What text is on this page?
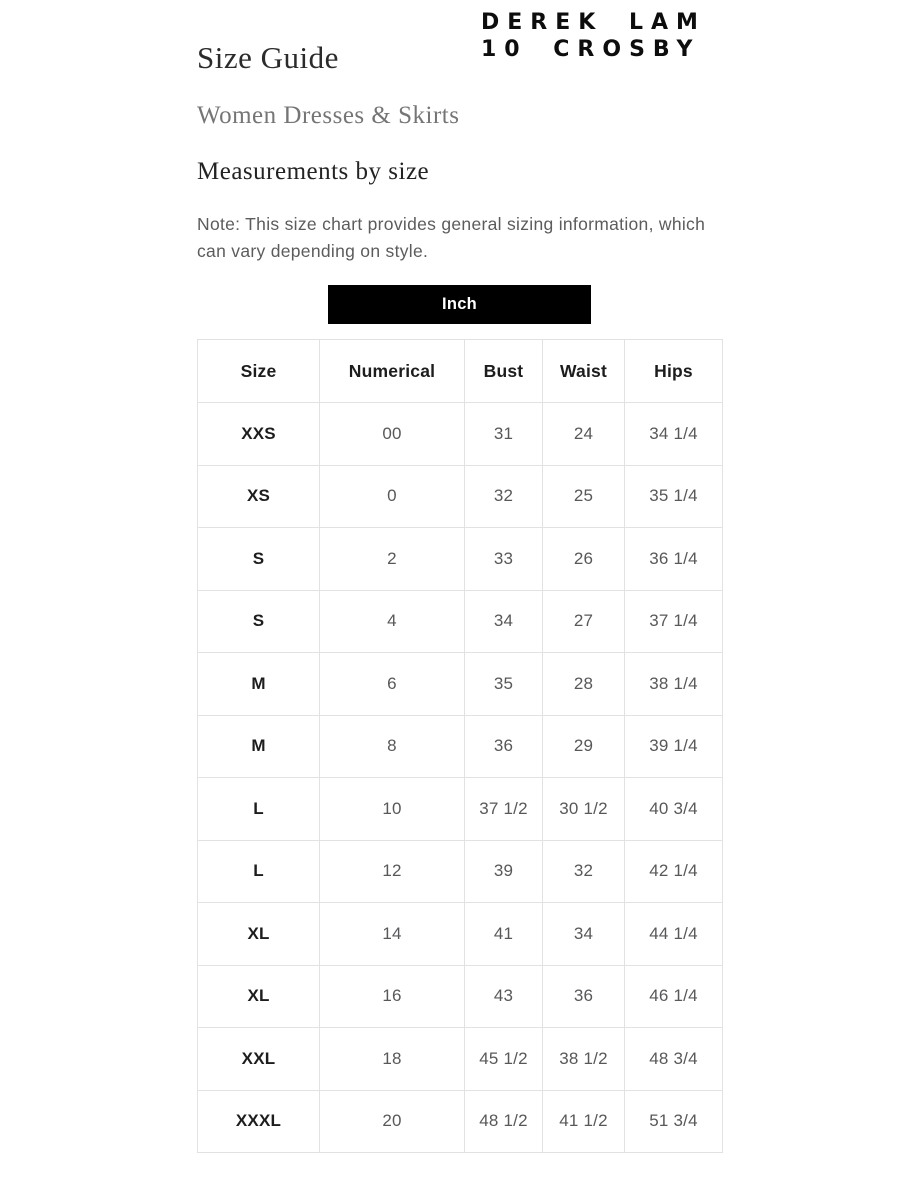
DEREK LAM
10 CROSBY
Size Guide
Women Dresses & Skirts
Measurements by size

Note: This size chart provides general sizing information, which can vary depending on style.

Inch
Size	Numerical	Bust	Waist	Hips
XXS	00	31	24	34 1/4
XS	0	32	25	35 1/4
S	2	33	26	36 1/4
S	4	34	27	37 1/4
M	6	35	28	38 1/4
M	8	36	29	39 1/4
L	10	37 1/2	30 1/2	40 3/4
L	12	39	32	42 1/4
XL	14	41	34	44 1/4
XL	16	43	36	46 1/4
XXL	18	45 1/2	38 1/2	48 3/4
XXXL	20	48 1/2	41 1/2	51 3/4
